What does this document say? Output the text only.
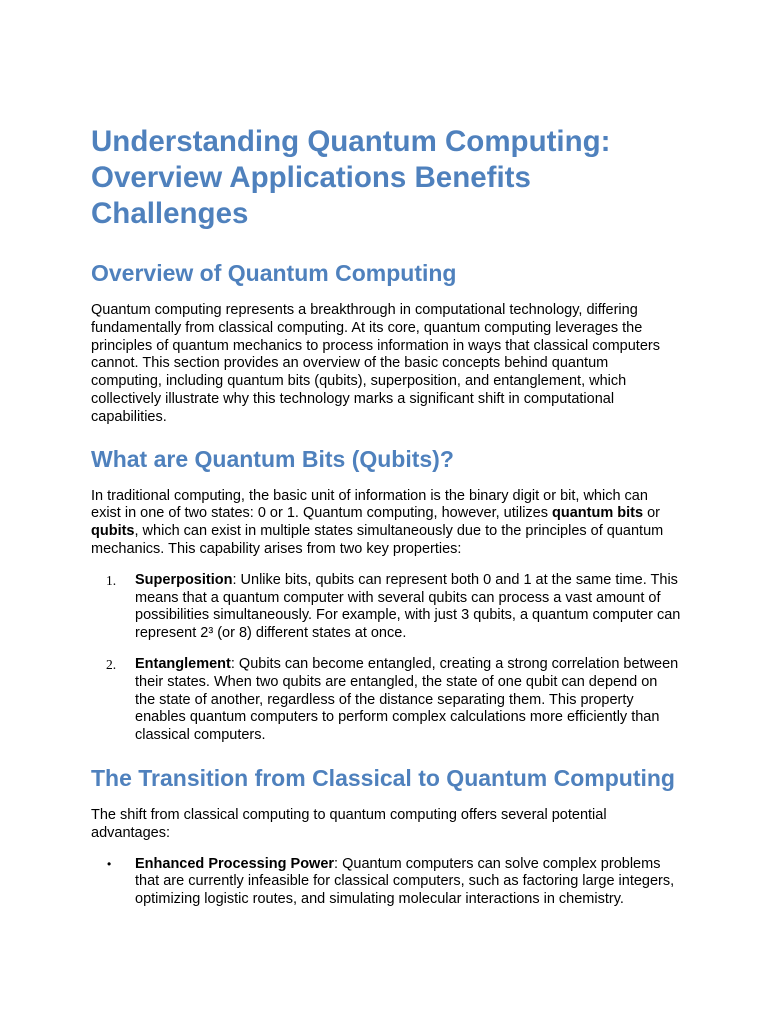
Understanding Quantum Computing: Overview Applications Benefits Challenges
Overview of Quantum Computing

Quantum computing represents a breakthrough in computational technology, differing fundamentally from classical computing. At its core, quantum computing leverages the principles of quantum mechanics to process information in ways that classical computers cannot. This section provides an overview of the basic concepts behind quantum computing, including quantum bits (qubits), superposition, and entanglement, which collectively illustrate why this technology marks a significant shift in computational capabilities.

What are Quantum Bits (Qubits)?

In traditional computing, the basic unit of information is the binary digit or bit, which can exist in one of two states: 0 or 1. Quantum computing, however, utilizes quantum bits or qubits, which can exist in multiple states simultaneously due to the principles of quantum mechanics. This capability arises from two key properties:

1.	Superposition: Unlike bits, qubits can represent both 0 and 1 at the same time. This means that a quantum computer with several qubits can process a vast amount of possibilities simultaneously. For example, with just 3 qubits, a quantum computer can represent 2³ (or 8) different states at once.
2.	Entanglement: Qubits can become entangled, creating a strong correlation between their states. When two qubits are entangled, the state of one qubit can depend on the state of another, regardless of the distance separating them. This property enables quantum computers to perform complex calculations more efficiently than classical computers.
The Transition from Classical to Quantum Computing

The shift from classical computing to quantum computing offers several potential advantages:

•	Enhanced Processing Power: Quantum computers can solve complex problems that are currently infeasible for classical computers, such as factoring large integers, optimizing logistic routes, and simulating molecular interactions in chemistry.
